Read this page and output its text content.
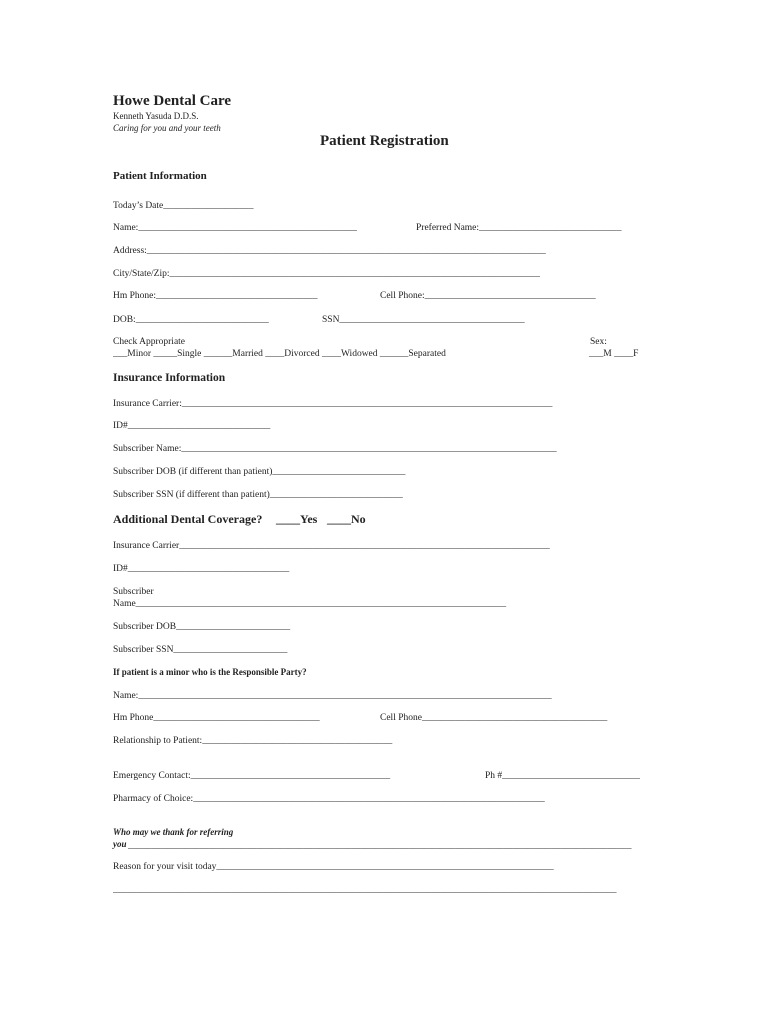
Howe Dental Care
Kenneth Yasuda D.D.S.
Caring for you and your teeth
Patient Registration
Patient Information
Today’s Date___________________
Name:______________________________________________	Preferred Name:______________________________
Address:____________________________________________________________________________________
City/State/Zip:______________________________________________________________________________
Hm Phone:__________________________________	Cell Phone:____________________________________
DOB:____________________________	SSN_______________________________________
Check Appropriate
___Minor _____Single ______Married ____Divorced ____Widowed ______Separated
Sex:
___M ____F
Insurance Information
Insurance Carrier:______________________________________________________________________________
ID#______________________________
Subscriber Name:_______________________________________________________________________________
Subscriber DOB (if different than patient)____________________________
Subscriber SSN (if different than patient)____________________________
Additional Dental Coverage? ____Yes ____No
Insurance Carrier______________________________________________________________________________
ID#__________________________________
Subscriber
Name______________________________________________________________________________
Subscriber DOB________________________
Subscriber SSN________________________
If patient is a minor who is the Responsible Party?
Name:_______________________________________________________________________________________
Hm Phone___________________________________	Cell Phone_______________________________________
Relationship to Patient:________________________________________
Emergency Contact:__________________________________________	Ph #_____________________________
Pharmacy of Choice:__________________________________________________________________________
Who may we thank for referring
you __________________________________________________________________________________________________________
Reason for your visit today_______________________________________________________________________
__________________________________________________________________________________________________________
